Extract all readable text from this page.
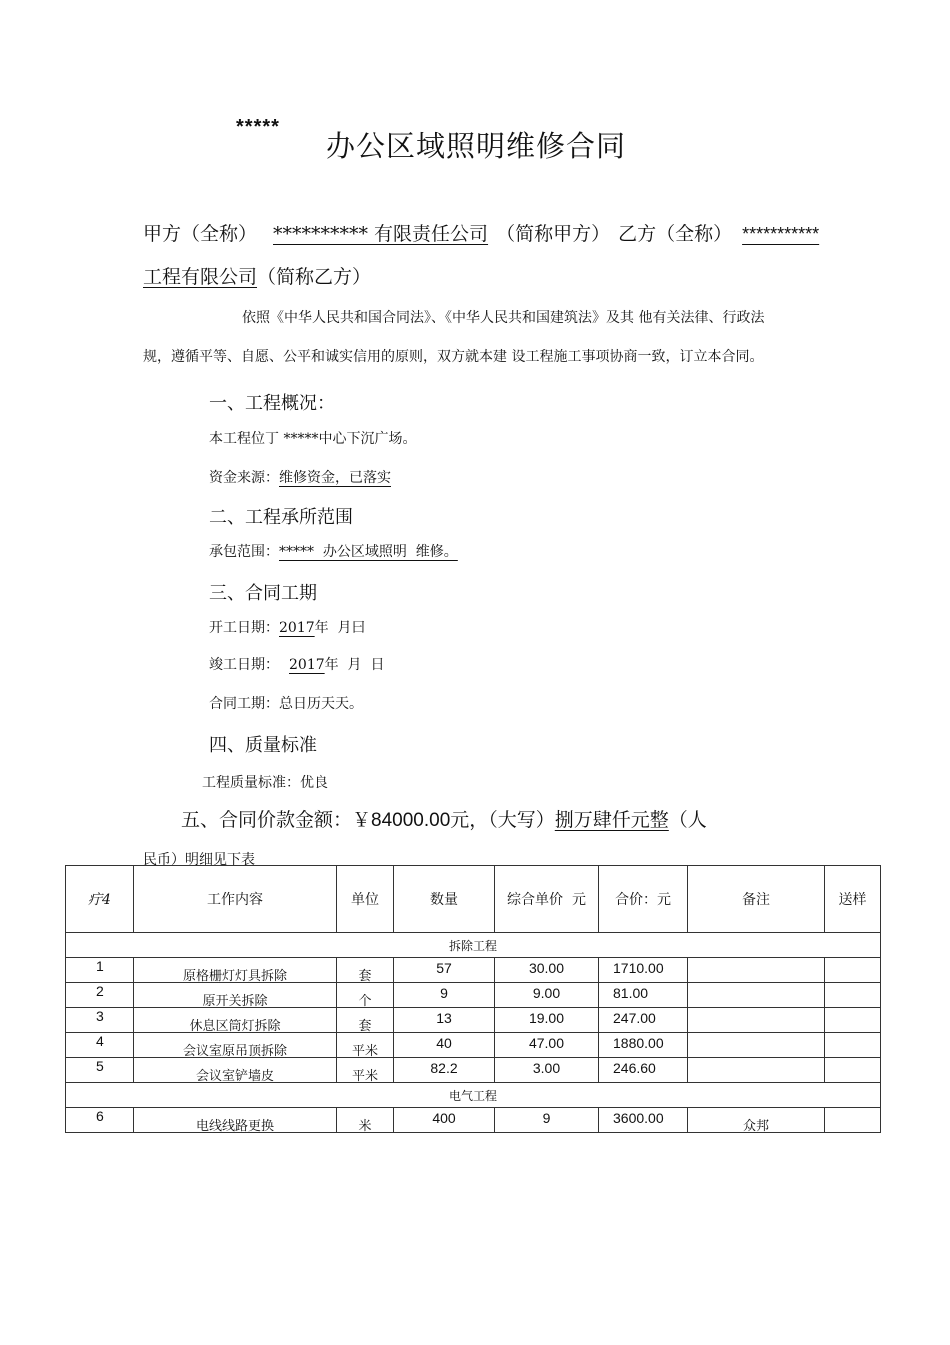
*****
办公区域照明维修合同
甲方（全称） ********** 有限责任公司 （简称甲方） 乙方（全称） ***********
工程有限公司（简称乙方）
依照《中华人民共和国合同法》、《中华人民共和国建筑法》及其 他有关法律、行政法
规，遵循平等、自愿、公平和诚实信用的原则，双方就本建 设工程施工事项协商一致，订立本合同。
一、工程概况：
本工程位丁 *****中心下沉广场。
资金来源：维修资金，已落实
二、工程承所范围
承包范围：*****  办公区域照明  维修。
三、合同工期
开工日期：2017年  月曰
竣工日期： 2017年  月  日
合同工期：总日历天天。
四、质量标准
工程质量标准：优良
五、合同价款金额：￥84000.00元，（大写）捌万肆仟元整（人
民币）明细见下表
疔4	工作内容	单位	数量	综合单价  元	合价：元	备注	送样
拆除工程							
1	原格栅灯灯具拆除	套	57	30.00	1710.00		
2	原开关拆除	个	9	9.00	81.00		
3	休息区筒灯拆除	套	13	19.00	247.00		
4	会议室原吊顶拆除	平米	40	47.00	1880.00		
5	会议室铲墙皮	平米	82.2	3.00	246.60		
电气工程							
6	电线线路更换	米	400	9	3600.00	众邦	
